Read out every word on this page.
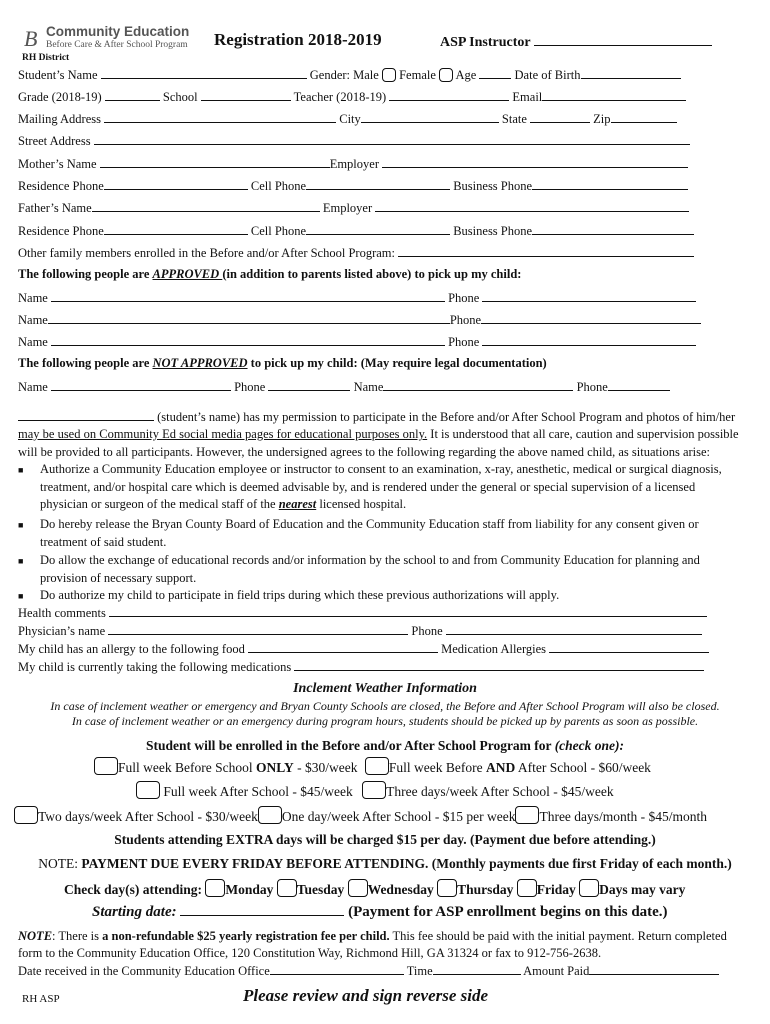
B Community Education
Before Care & After School Program Registration 2018-2019	ASP Instructor
RH District
Student’s Name	Gender: Male Female Age	Date of Birth
Grade (2018-19)	School	Teacher (2018-19)	Email
Mailing Address	City	State	Zip
Street Address
Mother’s Name	Employer
Residence Phone	Cell Phone	Business Phone
Father’s Name	Employer
Residence Phone	Cell Phone	Business Phone
Other family members enrolled in the Before and/or After School Program:
The following people are APPROVED (in addition to parents listed above) to pick up my child:
Name	Phone
Name	Phone
Name	Phone
The following people are NOT APPROVED to pick up my child: (May require legal documentation)
Name	Phone	Name	Phone
(student’s name) has my permission to participate in the Before and/or After School Program and photos of him/her
may be used on Community Ed social media pages for educational purposes only. It is understood that all care, caution and supervision possible
will be provided to all participants. However, the undersigned agrees to the following regarding the above named child, as situations arise:
■ Authorize a Community Education employee or instructor to consent to an examination, x-ray, anesthetic, medical or surgical diagnosis, treatment, and/or hospital care which is deemed advisable by, and is rendered under the general or special supervision of a licensed physician or surgeon of the medical staff of the nearest licensed hospital.
■ Do hereby release the Bryan County Board of Education and the Community Education staff from liability for any consent given or treatment of said student.
■ Do allow the exchange of educational records and/or information by the school to and from Community Education for planning and provision of necessary support.
■ Do authorize my child to participate in field trips during which these previous authorizations will apply.
Health comments
Physician’s name	Phone
My child has an allergy to the following food	Medication Allergies
My child is currently taking the following medications
Inclement Weather Information
In case of inclement weather or emergency and Bryan County Schools are closed, the Before and After School Program will also be closed.
In case of inclement weather or an emergency during program hours, students should be picked up by parents as soon as possible.
Student will be enrolled in the Before and/or After School Program for (check one):
Full week Before School ONLY - $30/week Full week Before AND After School - $60/week
Full week After School - $45/week Three days/week After School - $45/week
Two days/week After School - $30/week One day/week After School - $15 per week Three days/month - $45/month
Students attending EXTRA days will be charged $15 per day. (Payment due before attending.)
NOTE: PAYMENT DUE EVERY FRIDAY BEFORE ATTENDING. (Monthly payments due first Friday of each month.)
Check day(s) attending: Monday Tuesday Wednesday Thursday Friday Days may vary
Starting date:	(Payment for ASP enrollment begins on this date.)
NOTE: There is a non-refundable $25 yearly registration fee per child. This fee should be paid with the initial payment. Return completed
form to the Community Education Office, 120 Constitution Way, Richmond Hill, GA 31324 or fax to 912-756-2638.
Date received in the Community Education Office	Time	Amount Paid
RH ASP	Please review and sign reverse side
